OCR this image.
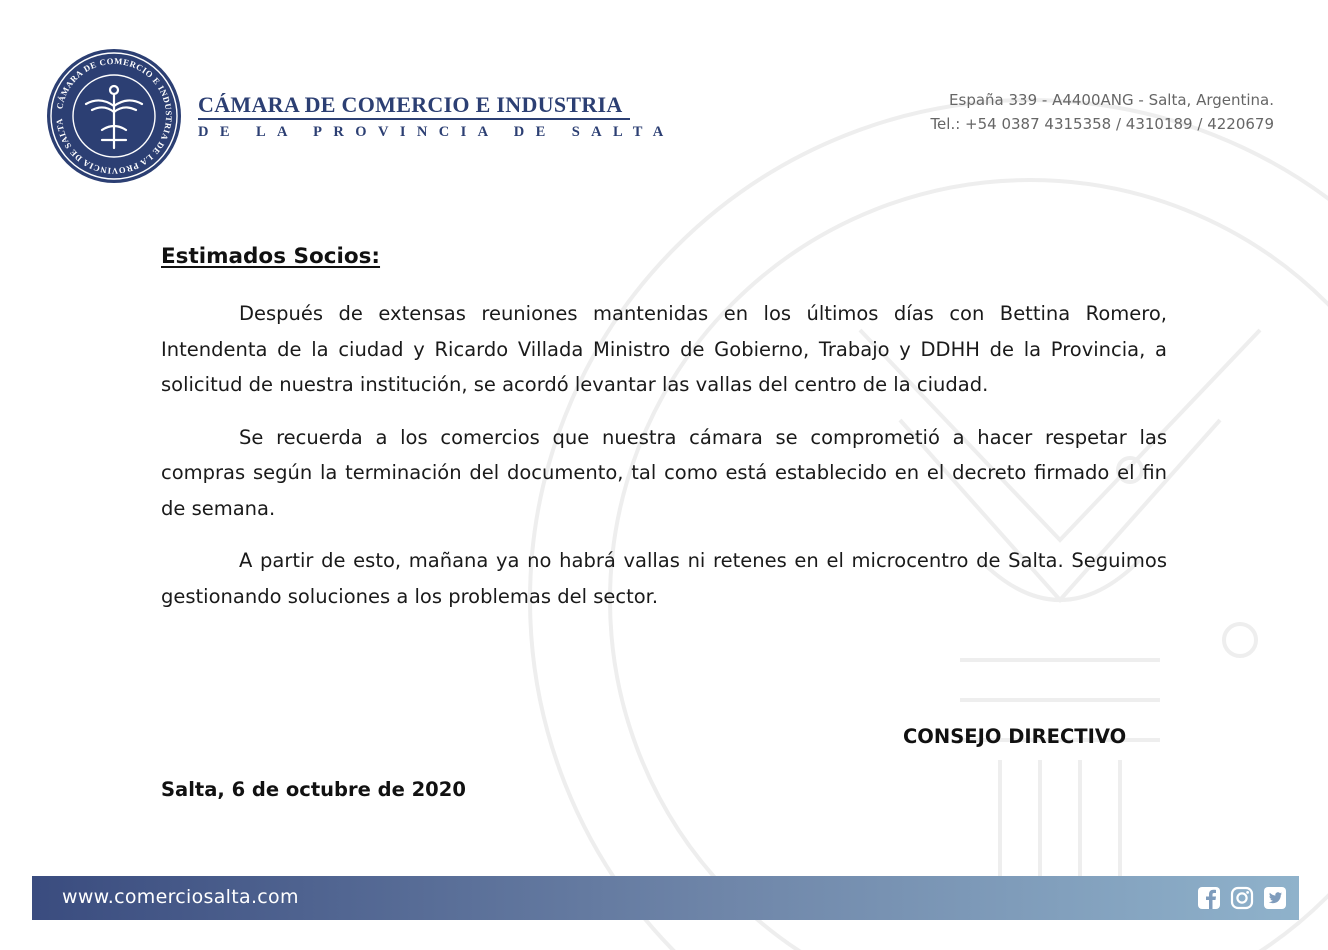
CÁMARA DE COMERCIO E INDUSTRIA DE LA PROVINCIA DE SALTA
CÁMARA DE COMERCIO E INDUSTRIA

DE LA PROVINCIA DE SALTA

España 339 - A4400ANG - Salta, Argentina.
Tel.: +54 0387 4315358 / 4310189 / 4220679
Estimados Socios:

Después de extensas reuniones mantenidas en los últimos días con Bettina Romero, Intendenta de la ciudad y Ricardo Villada Ministro de Gobierno, Trabajo y DDHH de la Provincia, a solicitud de nuestra institución, se acordó levantar las vallas del centro de la ciudad.

Se recuerda a los comercios que nuestra cámara se comprometió a hacer respetar las compras según la terminación del documento, tal como está establecido en el decreto firmado el fin de semana.

A partir de esto, mañana ya no habrá vallas ni retenes en el microcentro de Salta. Seguimos gestionando soluciones a los problemas del sector.

CONSEJO DIRECTIVO
Salta, 6 de octubre de 2020
www.comerciosalta.com
